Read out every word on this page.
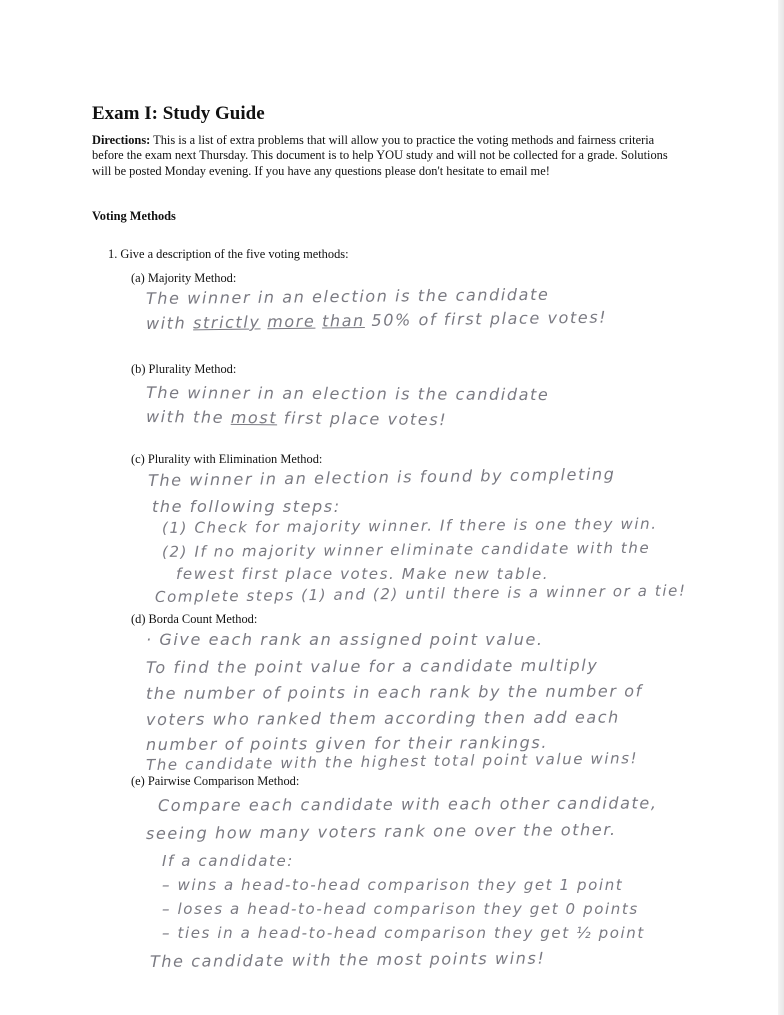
Exam I: Study Guide
Directions: This is a list of extra problems that will allow you to practice the voting methods and fairness criteria before the exam next Thursday. This document is to help YOU study and will not be collected for a grade. Solutions will be posted Monday evening. If you have any questions please don't hesitate to email me!
Voting Methods
1. Give a description of the five voting methods:
(a) Majority Method:
The winner in an election is the candidate
with strictly more than 50% of first place votes!
(b) Plurality Method:
The winner in an election is the candidate
with the most first place votes!
(c) Plurality with Elimination Method:
The winner in an election is found by completing
the following steps:
(1) Check for majority winner. If there is one they win.
(2) If no majority winner eliminate candidate with the
fewest first place votes. Make new table.
Complete steps (1) and (2) until there is a winner or a tie!
(d) Borda Count Method:
· Give each rank an assigned point value.
To find the point value for a candidate multiply
the number of points in each rank by the number of
voters who ranked them according then add each
number of points given for their rankings.
The candidate with the highest total point value wins!
(e) Pairwise Comparison Method:
Compare each candidate with each other candidate,
seeing how many voters rank one over the other.
If a candidate:
– wins a head-to-head comparison they get 1 point
– loses a head-to-head comparison they get 0 points
– ties in a head-to-head comparison they get ½ point
The candidate with the most points wins!
